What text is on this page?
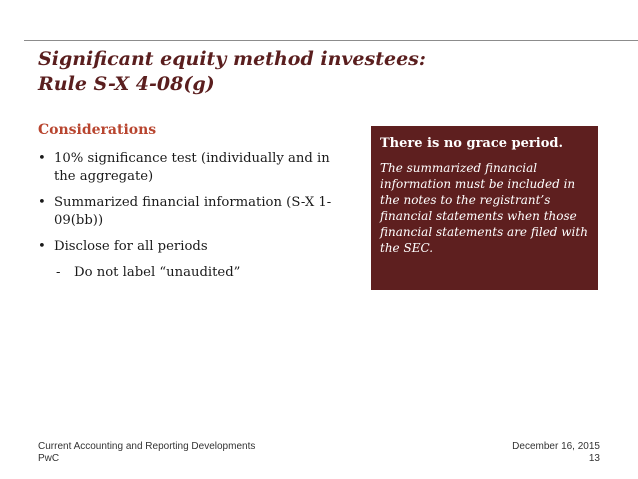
Significant equity method investees:
Rule S-X 4-08(g)
Considerations
• 10% significance test (individually and in the aggregate)
• Summarized financial information (S-X 1-09(bb))
• Disclose for all periods
- Do not label “unaudited”
There is no grace period.
The summarized financial information must be included in the notes to the registrant’s financial statements when those financial statements are filed with the SEC.
Current Accounting and Reporting Developments
PwC
December 16, 2015
13
